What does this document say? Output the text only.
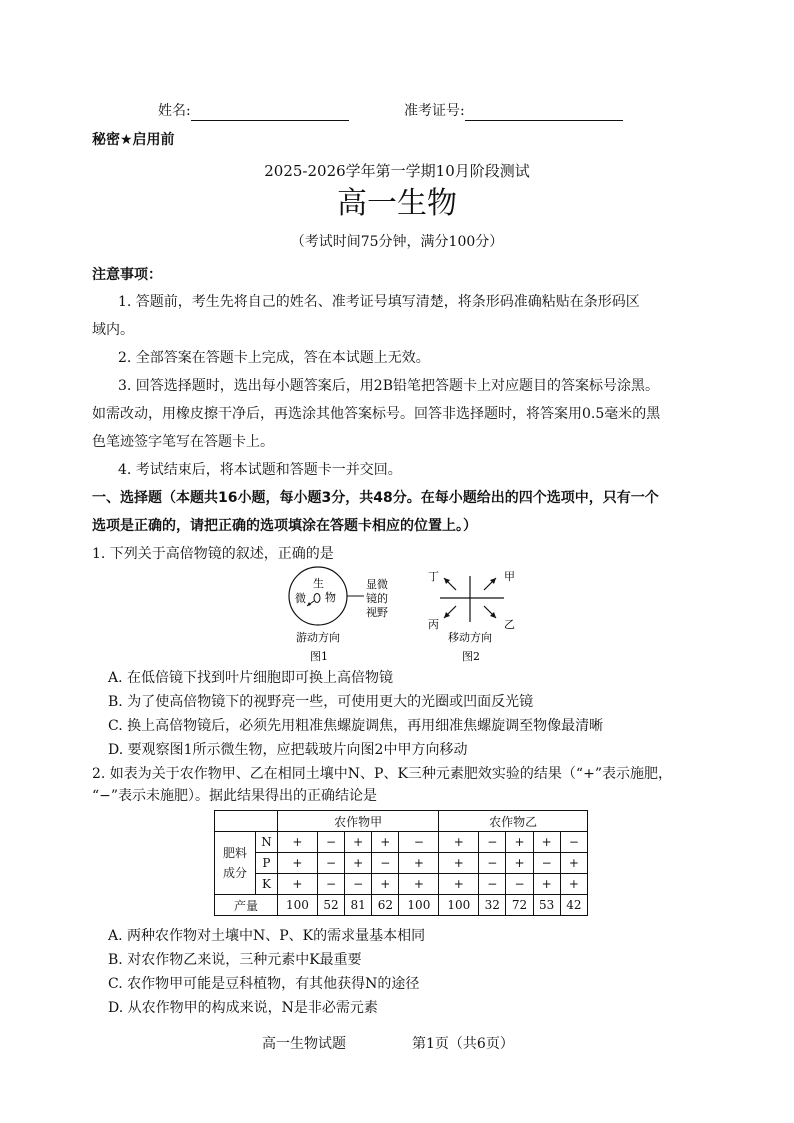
姓名:	准考证号:
秘密★启用前
2025-2026学年第一学期10月阶段测试
高一生物
（考试时间75分钟，满分100分）
注意事项：
1. 答题前，考生先将自己的姓名、准考证号填写清楚，将条形码准确粘贴在条形码区
域内。
2. 全部答案在答题卡上完成，答在本试题上无效。
3. 回答选择题时，选出每小题答案后，用2B铅笔把答题卡上对应题目的答案标号涂黑。
如需改动，用橡皮擦干净后，再选涂其他答案标号。回答非选择题时，将答案用0.5毫米的黑
色笔迹签字笔写在答题卡上。
4. 考试结束后，将本试题和答题卡一并交回。
一、选择题（本题共16小题，每小题3分，共48分。在每小题给出的四个选项中，只有一个
选项是正确的，请把正确的选项填涂在答题卡相应的位置上。）
1. 下列关于高倍物镜的叙述，正确的是
生
微 物
显微
镜的
视野
游动方向
图1
丁	甲
丙	乙
移动方向
图2
A. 在低倍镜下找到叶片细胞即可换上高倍物镜
B. 为了使高倍物镜下的视野亮一些，可使用更大的光圈或凹面反光镜
C. 换上高倍物镜后，必须先用粗准焦螺旋调焦，再用细准焦螺旋调至物像最清晰
D. 要观察图1所示微生物，应把载玻片向图2中甲方向移动
2. 如表为关于农作物甲、乙在相同土壤中N、P、K三种元素肥效实验的结果（“+”表示施肥，
“−”表示未施肥）。据此结果得出的正确结论是
		农作物甲					农作物乙				

肥料
成分	N	+	−	+	+	−	+	−	+	+	−
	P	+	−	+	−	+	+	−	+	−	+
	K	+	−	−	+	+	+	−	−	+	+
产量		100	52	81	62	100	100	32	72	53	42
A. 两种农作物对土壤中N、P、K的需求量基本相同
B. 对农作物乙来说，三种元素中K最重要
C. 农作物甲可能是豆科植物，有其他获得N的途径
D. 从农作物甲的构成来说，N是非必需元素
高一生物试题	第1页（共6页）
